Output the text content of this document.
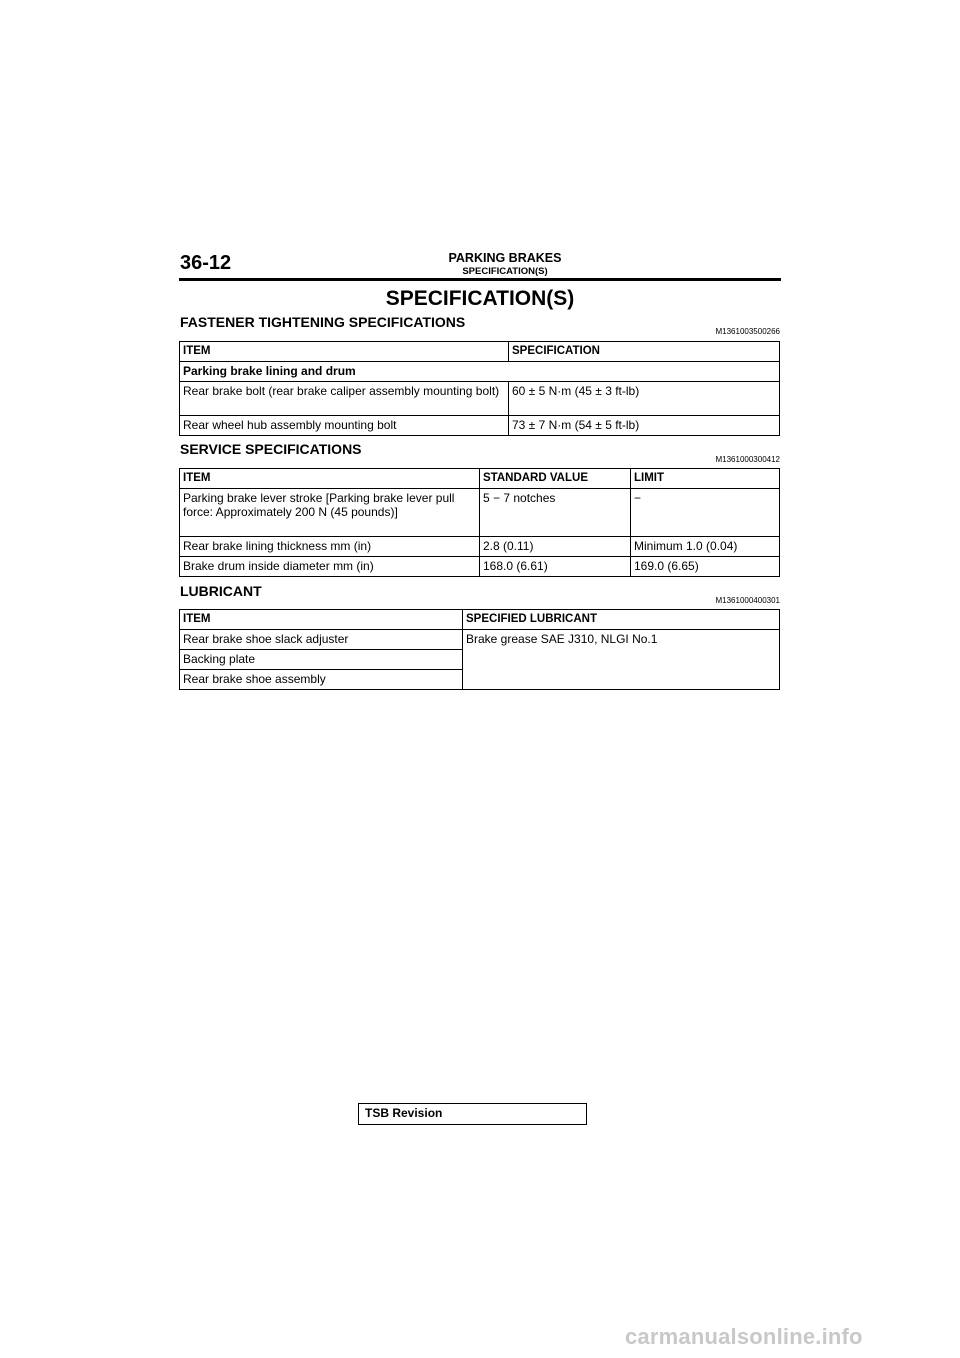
36-12	PARKING BRAKES
SPECIFICATION(S)
SPECIFICATION(S)
FASTENER TIGHTENING SPECIFICATIONS
M1361003500266
ITEM	SPECIFICATION
Parking brake lining and drum	
Rear brake bolt (rear brake caliper assembly mounting bolt)	60 ± 5 N·m (45 ± 3 ft-lb)
Rear wheel hub assembly mounting bolt	73 ± 7 N·m (54 ± 5 ft-lb)
SERVICE SPECIFICATIONS
M1361000300412
ITEM	STANDARD VALUE	LIMIT
Parking brake lever stroke [Parking brake lever pull force: Approximately 200 N (45 pounds)]	5 − 7 notches	−
Rear brake lining thickness mm (in)	2.8 (0.11)	Minimum 1.0 (0.04)
Brake drum inside diameter mm (in)	168.0 (6.61)	169.0 (6.65)
LUBRICANT
M1361000400301
ITEM	SPECIFIED LUBRICANT
Rear brake shoe slack adjuster	Brake grease SAE J310, NLGI No.1
Backing plate	
Rear brake shoe assembly	
TSB Revision
carmanualsonline.info
